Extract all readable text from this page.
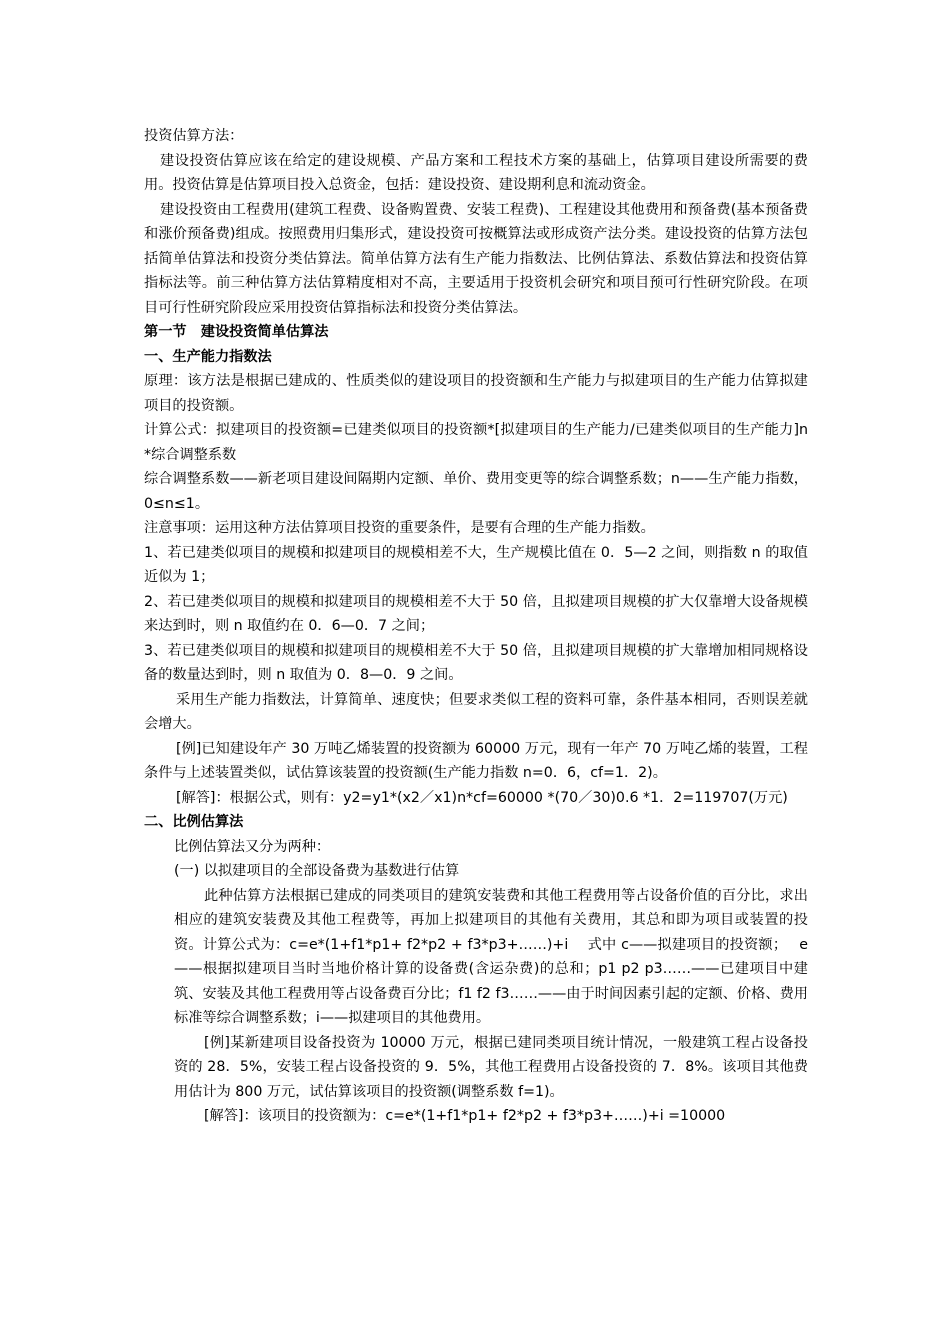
投资估算方法：

建设投资估算应该在给定的建设规模、产品方案和工程技术方案的基础上，估算项目建设所需要的费用。投资估算是估算项目投入总资金，包括：建设投资、建设期利息和流动资金。

建设投资由工程费用(建筑工程费、设备购置费、安装工程费)、工程建设其他费用和预备费(基本预备费和涨价预备费)组成。按照费用归集形式，建设投资可按概算法或形成资产法分类。建设投资的估算方法包括简单估算法和投资分类估算法。简单估算方法有生产能力指数法、比例估算法、系数估算法和投资估算指标法等。前三种估算方法估算精度相对不高，主要适用于投资机会研究和项目预可行性研究阶段。在项目可行性研究阶段应采用投资估算指标法和投资分类估算法。

第一节　建设投资简单估算法

一、生产能力指数法

原理：该方法是根据已建成的、性质类似的建设项目的投资额和生产能力与拟建项目的生产能力估算拟建项目的投资额。

计算公式：拟建项目的投资额=已建类似项目的投资额*[拟建项目的生产能力/已建类似项目的生产能力]n *综合调整系数

综合调整系数——新老项目建设间隔期内定额、单价、费用变更等的综合调整系数；n——生产能力指数，0≤n≤1。

注意事项：运用这种方法估算项目投资的重要条件，是要有合理的生产能力指数。

1、若已建类似项目的规模和拟建项目的规模相差不大，生产规模比值在 0．5—2 之间，则指数 n 的取值近似为 1；

2、若已建类似项目的规模和拟建项目的规模相差不大于 50 倍，且拟建项目规模的扩大仅靠增大设备规模来达到时，则 n 取值约在 0．6—0．7 之间；

3、若已建类似项目的规模和拟建项目的规模相差不大于 50 倍，且拟建项目规模的扩大靠增加相同规格设备的数量达到时，则 n 取值为 0．8—0．9 之间。

采用生产能力指数法，计算简单、速度快；但要求类似工程的资料可靠，条件基本相同，否则误差就会增大。

[例]已知建设年产 30 万吨乙烯装置的投资额为 60000 万元，现有一年产 70 万吨乙烯的装置，工程条件与上述装置类似，试估算该装置的投资额(生产能力指数 n=0．6，cf=1．2)。

[解答]：根据公式，则有：y2=y1*(x2／x1)n*cf=60000 *(70／30)0.6 *1．2=119707(万元)

二、比例估算法

比例估算法又分为两种：

(一) 以拟建项目的全部设备费为基数进行估算

此种估算方法根据已建成的同类项目的建筑安装费和其他工程费用等占设备价值的百分比，求出相应的建筑安装费及其他工程费等，再加上拟建项目的其他有关费用，其总和即为项目或装置的投资。计算公式为：c=e*(1+f1*p1+ f2*p2 + f3*p3+……)+i　 式中 c——拟建项目的投资额；　 e——根据拟建项目当时当地价格计算的设备费(含运杂费)的总和；p1 p2 p3……——已建项目中建筑、安装及其他工程费用等占设备费百分比；f1 f2 f3……——由于时间因素引起的定额、价格、费用标准等综合调整系数；i——拟建项目的其他费用。

[例]某新建项目设备投资为 10000 万元，根据已建同类项目统计情况，一般建筑工程占设备投资的 28．5%，安装工程占设备投资的 9．5%，其他工程费用占设备投资的 7．8%。该项目其他费用估计为 800 万元，试估算该项目的投资额(调整系数 f=1)。

[解答]：该项目的投资额为：c=e*(1+f1*p1+ f2*p2 + f3*p3+……)+i =10000
